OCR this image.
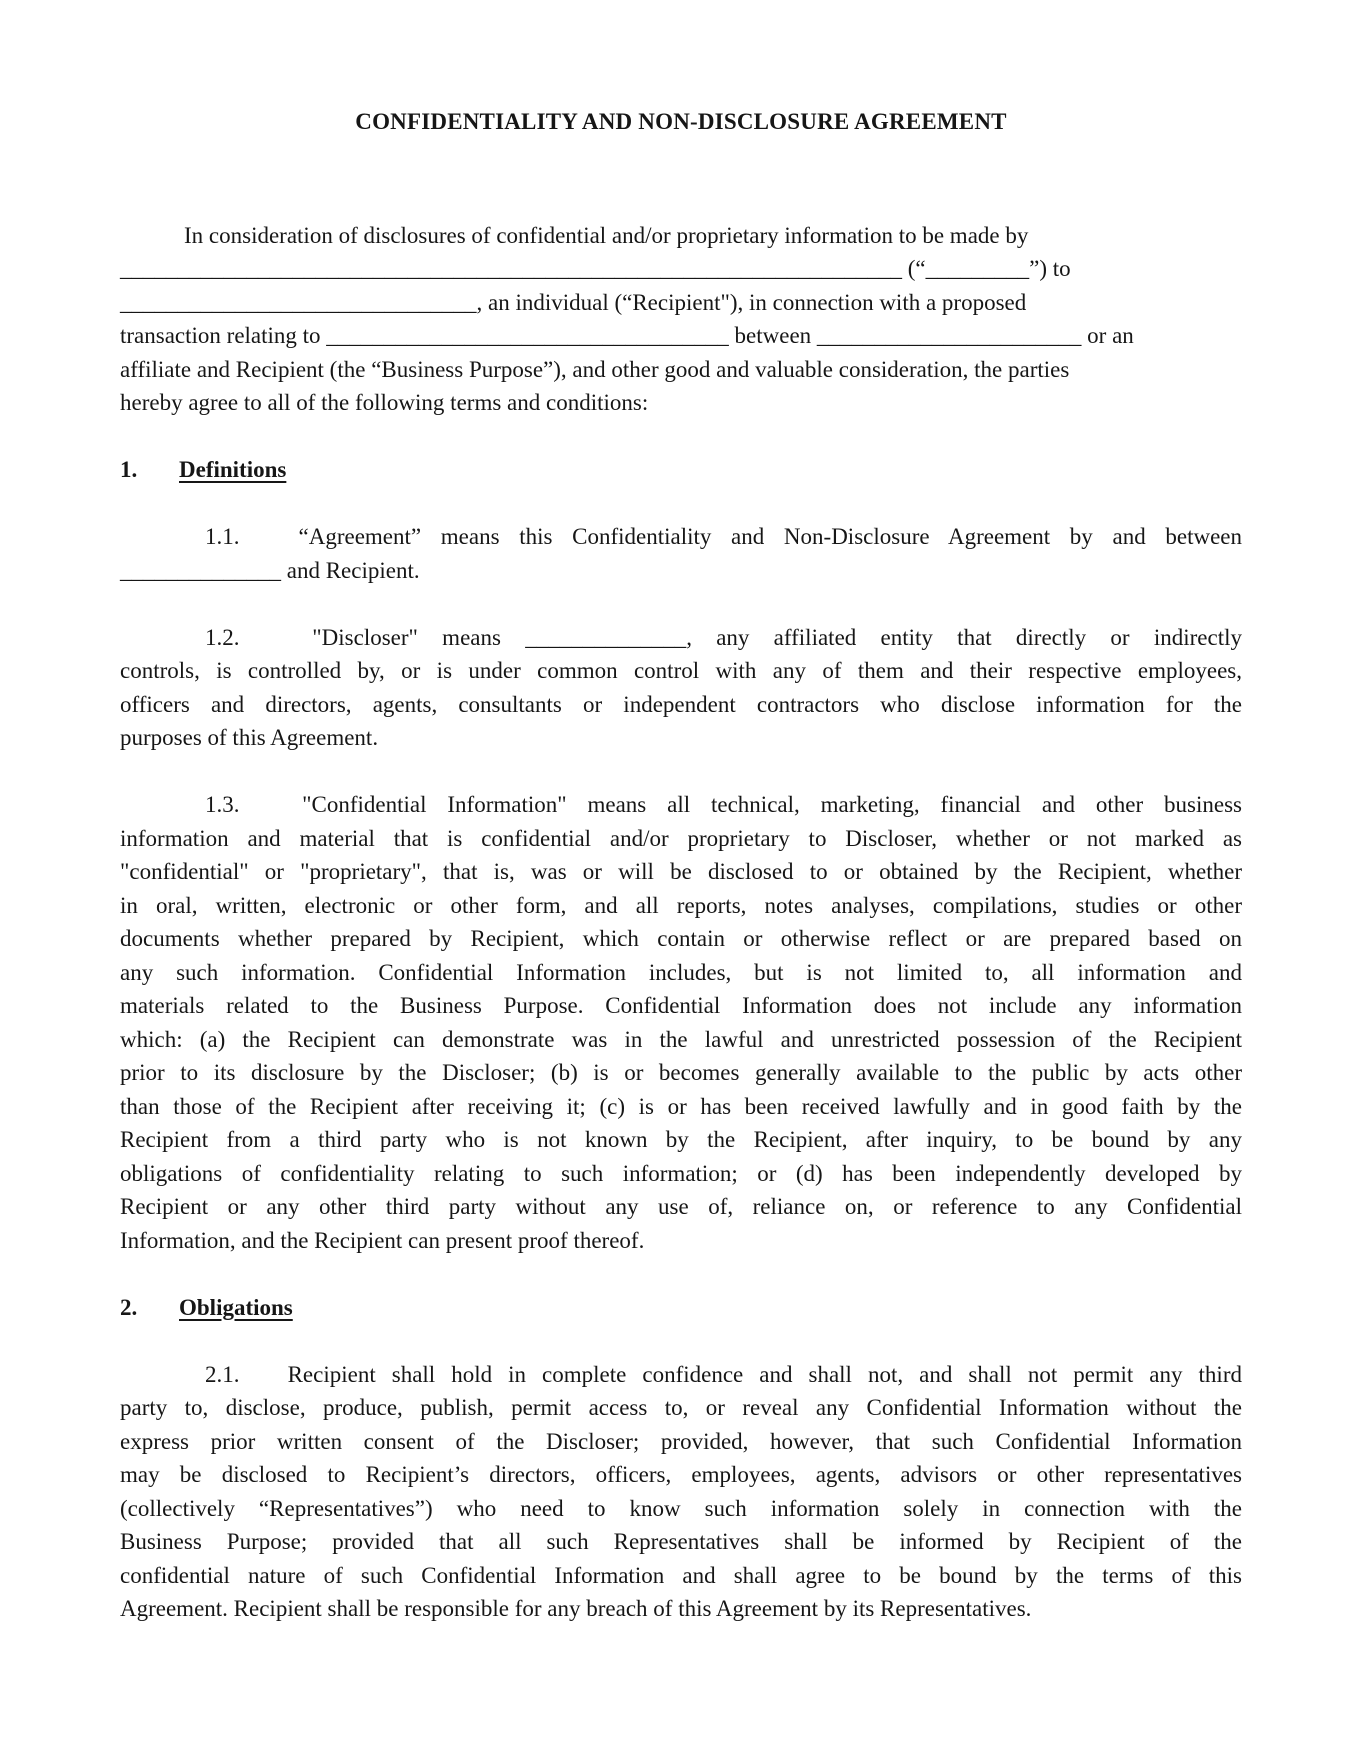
CONFIDENTIALITY AND NON-DISCLOSURE AGREEMENT
In consideration of disclosures of confidential and/or proprietary information to be made by
____________________________________________________________________ (“_________”) to
_______________________________, an individual (“Recipient"), in connection with a proposed
transaction relating to ___________________________________ between _______________________ or an
affiliate and Recipient (the “Business Purpose”), and other good and valuable consideration, the parties
hereby agree to all of the following terms and conditions:
1. Definitions
1.1.   “Agreement” means this Confidentiality and Non-Disclosure Agreement by and between
______________ and Recipient.
1.2.   "Discloser" means ______________, any affiliated entity that directly or indirectly
controls, is controlled by, or is under common control with any of them and their respective employees,
officers and directors, agents, consultants or independent contractors who disclose information for the
purposes of this Agreement.
1.3.   "Confidential Information" means all technical, marketing, financial and other business
information and material that is confidential and/or proprietary to Discloser, whether or not marked as
"confidential" or "proprietary", that is, was or will be disclosed to or obtained by the Recipient, whether
in oral, written, electronic or other form, and all reports, notes analyses, compilations, studies or other
documents whether prepared by Recipient, which contain or otherwise reflect or are prepared based on
any such information. Confidential Information includes, but is not limited to, all information and
materials related to the Business Purpose. Confidential Information does not include any information
which: (a) the Recipient can demonstrate was in the lawful and unrestricted possession of the Recipient
prior to its disclosure by the Discloser; (b) is or becomes generally available to the public by acts other
than those of the Recipient after receiving it; (c) is or has been received lawfully and in good faith by the
Recipient from a third party who is not known by the Recipient, after inquiry, to be bound by any
obligations of confidentiality relating to such information; or (d) has been independently developed by
Recipient or any other third party without any use of, reliance on, or reference to any Confidential
Information, and the Recipient can present proof thereof.
2. Obligations
2.1.   Recipient shall hold in complete confidence and shall not, and shall not permit any third
party to, disclose, produce, publish, permit access to, or reveal any Confidential Information without the
express prior written consent of the Discloser; provided, however, that such Confidential Information
may be disclosed to Recipient’s directors, officers, employees, agents, advisors or other representatives
(collectively “Representatives”) who need to know such information solely in connection with the
Business Purpose; provided that all such Representatives shall be informed by Recipient of the
confidential nature of such Confidential Information and shall agree to be bound by the terms of this
Agreement. Recipient shall be responsible for any breach of this Agreement by its Representatives.
